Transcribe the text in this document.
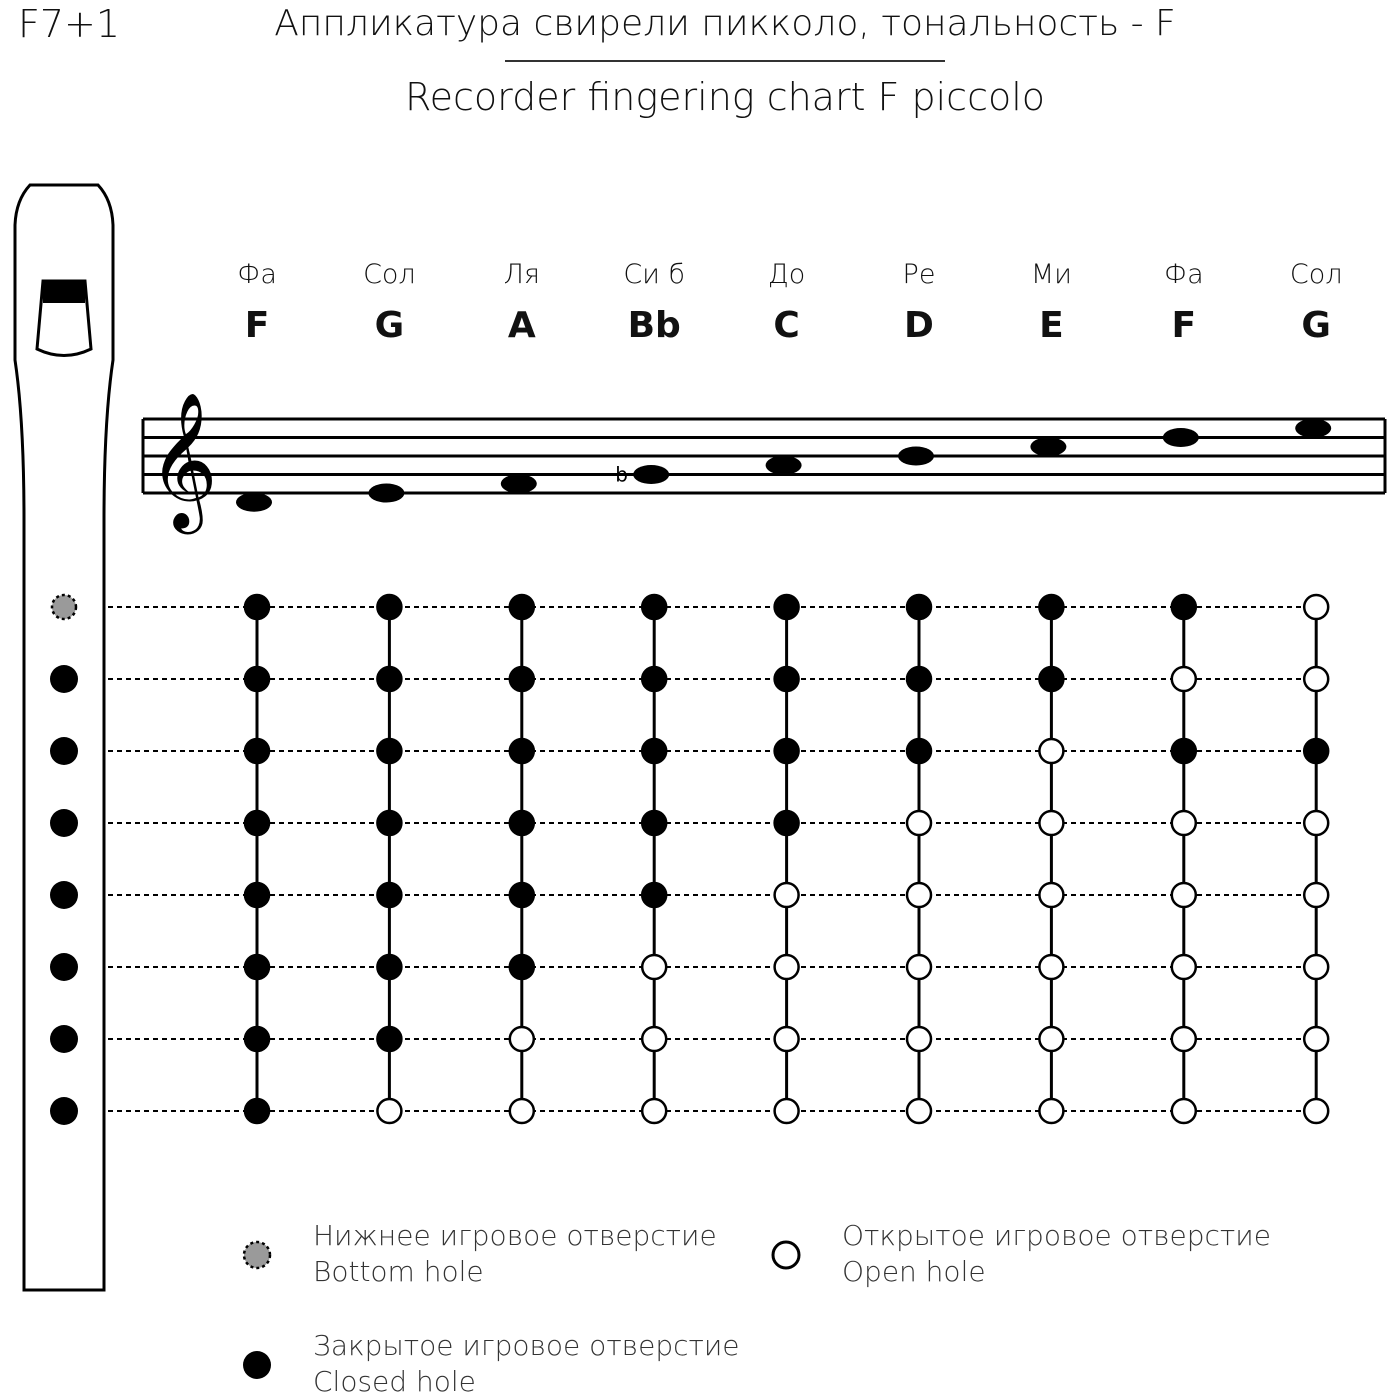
F7+1	Аппликатура свирели пикколо, тональность - F
Recorder fingering chart F piccolo
Фа
F
Сол
G
Ля
A
Си б
Bb
До
C
Ре
D
Ми
E
Фа
F
Сол
G
𝄞	b
Нижнее игровое отверстие
Bottom hole
Открытое игровое отверстие
Open hole
Закрытое игровое отверстие
Closed hole
